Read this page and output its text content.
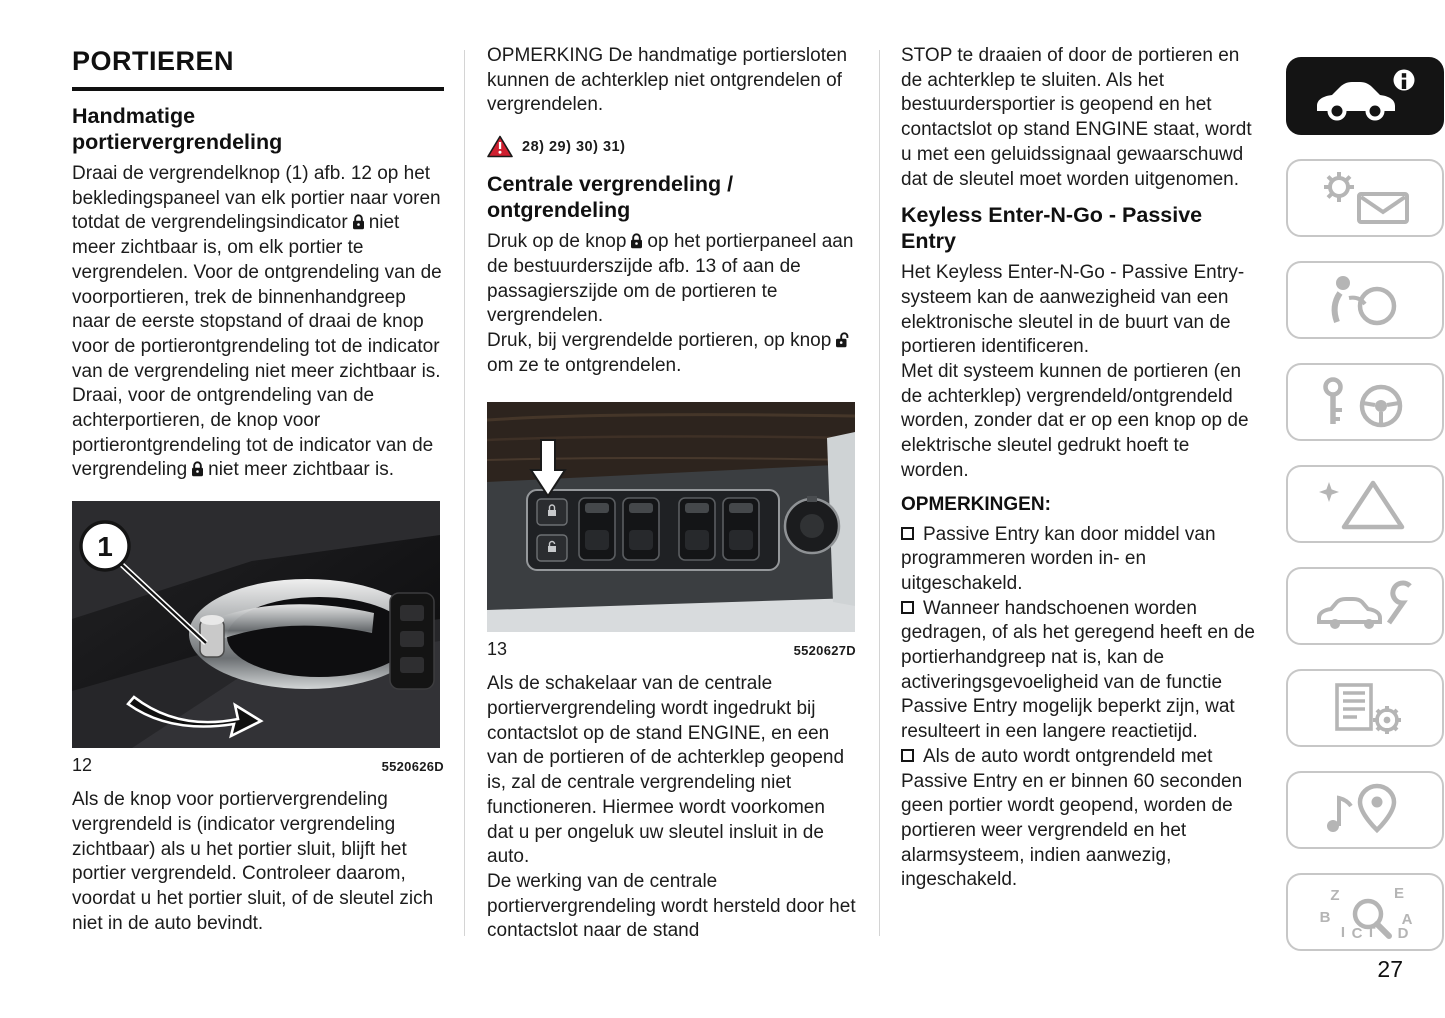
PORTIEREN
Handmatige portiervergrendeling

Draai de vergrendelknop (1) afb. 12 op het bekledingspaneel van elk portier naar voren totdat de vergrendelingsindicator niet meer zichtbaar is, om elk portier te vergrendelen. Voor de ontgrendeling van de voorportieren, trek de binnenhandgreep naar de eerste stopstand of draai de knop voor de portierontgrendeling tot de indicator van de vergrendeling niet meer zichtbaar is. Draai, voor de ontgrendeling van de achterportieren, de knop voor portierontgrendeling tot de indicator van de vergrendeling niet meer zichtbaar is.

1
12	5520626D

Als de knop voor portiervergrendeling vergrendeld is (indicator vergrendeling zichtbaar) als u het portier sluit, blijft het portier vergrendeld. Controleer daarom, voordat u het portier sluit, of de sleutel zich niet in de auto bevindt.

OPMERKING De handmatige portiersloten kunnen de achterklep niet ontgrendelen of vergrendelen.

28) 29) 30) 31)
Centrale vergrendeling / ontgrendeling

Druk op de knop op het portierpaneel aan de bestuurderszijde afb. 13 of aan de passagierszijde om de portieren te vergrendelen.

Druk, bij vergrendelde portieren, op knopom ze te ontgrendelen.

13	5520627D

Als de schakelaar van de centrale portiervergrendeling wordt ingedrukt bij contactslot op de stand ENGINE, en een van de portieren of de achterklep geopend is, zal de centrale vergrendeling niet functioneren. Hiermee wordt voorkomen dat u per ongeluk uw sleutel insluit in de auto.

De werking van de centrale portiervergrendeling wordt hersteld door het contactslot naar de stand

STOP te draaien of door de portieren en de achterklep te sluiten. Als het bestuurdersportier is geopend en het contactslot op stand ENGINE staat, wordt u met een geluidssignaal gewaarschuwd dat de sleutel moet worden uitgenomen.

Keyless Enter-N-Go - Passive Entry

Het Keyless Enter-N-Go - Passive Entry-systeem kan de aanwezigheid van een elektronische sleutel in de buurt van de portieren identificeren.

Met dit systeem kunnen de portieren (en de achterklep) vergrendeld/ontgrendeld worden, zonder dat er op een knop op de elektrische sleutel gedrukt hoeft te worden.

OPMERKINGEN:

Passive Entry kan door middel van programmeren worden in- en uitgeschakeld.

Wanneer handschoenen worden gedragen, of als het geregend heeft en de portierhandgreep nat is, kan de activeringsgevoeligheid van de functie Passive Entry mogelijk beperkt zijn, wat resulteert in een langere reactietijd.

Als de auto wordt ontgrendeld met Passive Entry en er binnen 60 seconden geen portier wordt geopend, worden de portieren weer vergrendeld en het alarmsysteem, indien aanwezig, ingeschakeld.

Z	E
B	A
I C T D
27
